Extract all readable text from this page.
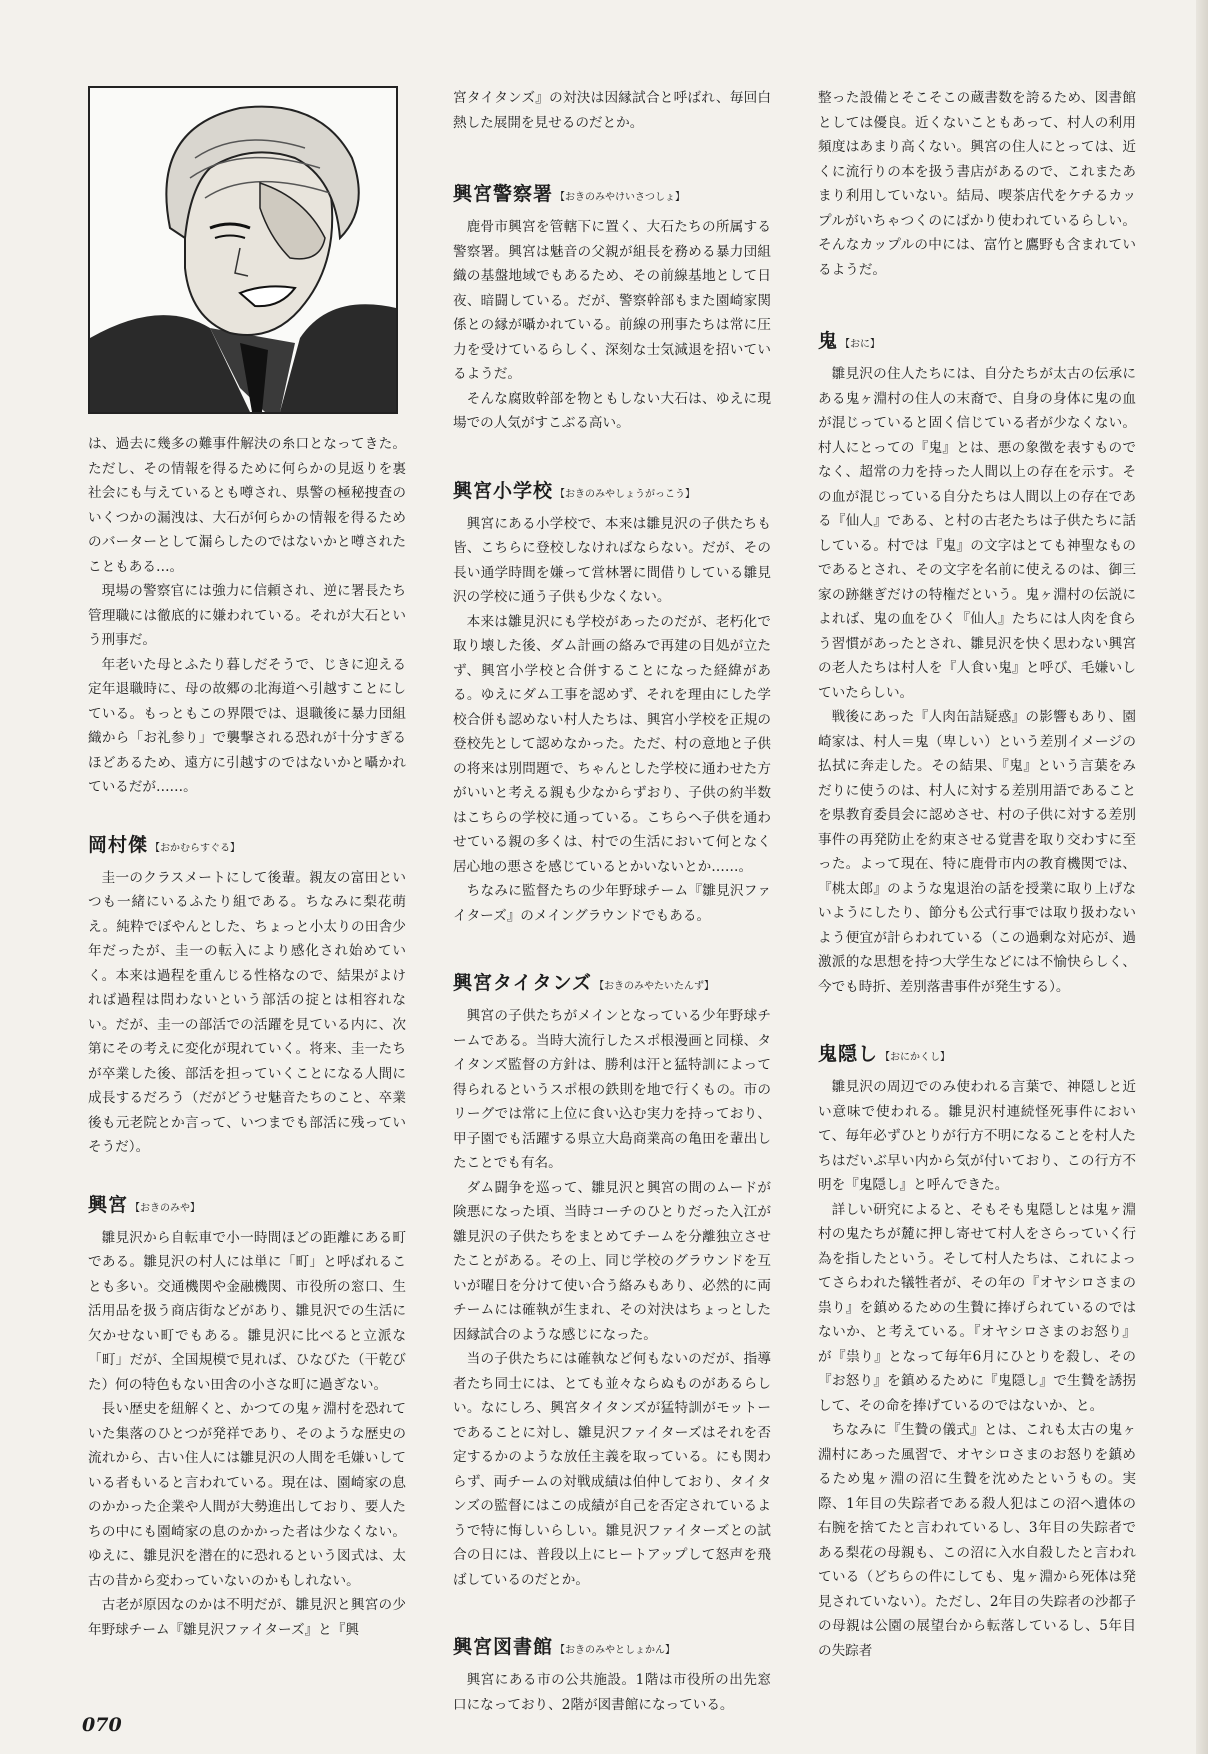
は、過去に幾多の難事件解決の糸口となってきた。ただし、その情報を得るために何らかの見返りを裏社会にも与えているとも噂され、県警の極秘捜査のいくつかの漏洩は、大石が何らかの情報を得るためのバーターとして漏らしたのではないかと噂されたこともある…。

現場の警察官には強力に信頼され、逆に署長たち管理職には徹底的に嫌われている。それが大石という刑事だ。

年老いた母とふたり暮しだそうで、じきに迎える定年退職時に、母の故郷の北海道へ引越すことにしている。もっともこの界隈では、退職後に暴力団組織から「お礼参り」で襲撃される恐れが十分すぎるほどあるため、遠方に引越すのではないかと囁かれているだが……。

岡村傑 【おかむらすぐる】

圭一のクラスメートにして後輩。親友の富田といつも一緒にいるふたり組である。ちなみに梨花萌え。純粋でぼやんとした、ちょっと小太りの田舎少年だったが、圭一の転入により感化され始めていく。本来は過程を重んじる性格なので、結果がよければ過程は問わないという部活の掟とは相容れない。だが、圭一の部活での活躍を見ている内に、次第にその考えに変化が現れていく。将来、圭一たちが卒業した後、部活を担っていくことになる人間に成長するだろう（だがどうせ魅音たちのこと、卒業後も元老院とか言って、いつまでも部活に残っていそうだ）。

興宮 【おきのみや】

雛見沢から自転車で小一時間ほどの距離にある町である。雛見沢の村人には単に「町」と呼ばれることも多い。交通機関や金融機関、市役所の窓口、生活用品を扱う商店街などがあり、雛見沢での生活に欠かせない町でもある。雛見沢に比べると立派な「町」だが、全国規模で見れば、ひなびた（干乾びた）何の特色もない田舎の小さな町に過ぎない。

長い歴史を紐解くと、かつての鬼ヶ淵村を恐れていた集落のひとつが発祥であり、そのような歴史の流れから、古い住人には雛見沢の人間を毛嫌いしている者もいると言われている。現在は、園崎家の息のかかった企業や人間が大勢進出しており、要人たちの中にも園崎家の息のかかった者は少なくない。ゆえに、雛見沢を潜在的に恐れるという図式は、太古の昔から変わっていないのかもしれない。

古老が原因なのかは不明だが、雛見沢と興宮の少年野球チーム『雛見沢ファイターズ』と『興

宮タイタンズ』の対決は因縁試合と呼ばれ、毎回白熱した展開を見せるのだとか。

興宮警察署 【おきのみやけいさつしょ】

鹿骨市興宮を管轄下に置く、大石たちの所属する警察署。興宮は魅音の父親が組長を務める暴力団組織の基盤地域でもあるため、その前線基地として日夜、暗闘している。だが、警察幹部もまた園崎家関係との縁が囁かれている。前線の刑事たちは常に圧力を受けているらしく、深刻な士気減退を招いているようだ。

そんな腐敗幹部を物ともしない大石は、ゆえに現場での人気がすこぶる高い。

興宮小学校 【おきのみやしょうがっこう】

興宮にある小学校で、本来は雛見沢の子供たちも皆、こちらに登校しなければならない。だが、その長い通学時間を嫌って営林署に間借りしている雛見沢の学校に通う子供も少なくない。

本来は雛見沢にも学校があったのだが、老朽化で取り壊した後、ダム計画の絡みで再建の目処が立たず、興宮小学校と合併することになった経緯がある。ゆえにダム工事を認めず、それを理由にした学校合併も認めない村人たちは、興宮小学校を正規の登校先として認めなかった。ただ、村の意地と子供の将来は別問題で、ちゃんとした学校に通わせた方がいいと考える親も少なからずおり、子供の約半数はこちらの学校に通っている。こちらへ子供を通わせている親の多くは、村での生活において何となく居心地の悪さを感じているとかいないとか……。

ちなみに監督たちの少年野球チーム『雛見沢ファイターズ』のメイングラウンドでもある。

興宮タイタンズ 【おきのみやたいたんず】

興宮の子供たちがメインとなっている少年野球チームである。当時大流行したスポ根漫画と同様、タイタンズ監督の方針は、勝利は汗と猛特訓によって得られるというスポ根の鉄則を地で行くもの。市のリーグでは常に上位に食い込む実力を持っており、甲子園でも活躍する県立大島商業高の亀田を輩出したことでも有名。

ダム闘争を巡って、雛見沢と興宮の間のムードが険悪になった頃、当時コーチのひとりだった入江が雛見沢の子供たちをまとめてチームを分離独立させたことがある。その上、同じ学校のグラウンドを互いが曜日を分けて使い合う絡みもあり、必然的に両チームには確執が生まれ、その対決はちょっとした因縁試合のような感じになった。

当の子供たちには確執など何もないのだが、指導者たち同士には、とても並々ならぬものがあるらしい。なにしろ、興宮タイタンズが猛特訓がモットーであることに対し、雛見沢ファイターズはそれを否定するかのような放任主義を取っている。にも関わらず、両チームの対戦成績は伯仲しており、タイタンズの監督にはこの成績が自己を否定されているようで特に悔しいらしい。雛見沢ファイターズとの試合の日には、普段以上にヒートアップして怒声を飛ばしているのだとか。

興宮図書館 【おきのみやとしょかん】

興宮にある市の公共施設。1階は市役所の出先窓口になっており、2階が図書館になっている。

整った設備とそこそこの蔵書数を誇るため、図書館としては優良。近くないこともあって、村人の利用頻度はあまり高くない。興宮の住人にとっては、近くに流行りの本を扱う書店があるので、これまたあまり利用していない。結局、喫茶店代をケチるカップルがいちゃつくのにばかり使われているらしい。そんなカップルの中には、富竹と鷹野も含まれているようだ。

鬼 【おに】

雛見沢の住人たちには、自分たちが太古の伝承にある鬼ヶ淵村の住人の末裔で、自身の身体に鬼の血が混じっていると固く信じている者が少なくない。村人にとっての『鬼』とは、悪の象徴を表すものでなく、超常の力を持った人間以上の存在を示す。その血が混じっている自分たちは人間以上の存在である『仙人』である、と村の古老たちは子供たちに話している。村では『鬼』の文字はとても神聖なものであるとされ、その文字を名前に使えるのは、御三家の跡継ぎだけの特権だという。鬼ヶ淵村の伝説によれば、鬼の血をひく『仙人』たちには人肉を食らう習慣があったとされ、雛見沢を快く思わない興宮の老人たちは村人を『人食い鬼』と呼び、毛嫌いしていたらしい。

戦後にあった『人肉缶詰疑惑』の影響もあり、園崎家は、村人＝鬼（卑しい）という差別イメージの払拭に奔走した。その結果、『鬼』という言葉をみだりに使うのは、村人に対する差別用語であることを県教育委員会に認めさせ、村の子供に対する差別事件の再発防止を約束させる覚書を取り交わすに至った。よって現在、特に鹿骨市内の教育機関では、『桃太郎』のような鬼退治の話を授業に取り上げないようにしたり、節分も公式行事では取り扱わないよう便宜が計らわれている（この過剰な対応が、過激派的な思想を持つ大学生などには不愉快らしく、今でも時折、差別落書事件が発生する）。

鬼隠し 【おにかくし】

雛見沢の周辺でのみ使われる言葉で、神隠しと近い意味で使われる。雛見沢村連続怪死事件において、毎年必ずひとりが行方不明になることを村人たちはだいぶ早い内から気が付いており、この行方不明を『鬼隠し』と呼んできた。

詳しい研究によると、そもそも鬼隠しとは鬼ヶ淵村の鬼たちが麓に押し寄せて村人をさらっていく行為を指したという。そして村人たちは、これによってさらわれた犠牲者が、その年の『オヤシロさまの祟り』を鎮めるための生贄に捧げられているのではないか、と考えている。『オヤシロさまのお怒り』が『祟り』となって毎年6月にひとりを殺し、その『お怒り』を鎮めるために『鬼隠し』で生贄を誘拐して、その命を捧げているのではないか、と。

ちなみに『生贄の儀式』とは、これも太古の鬼ヶ淵村にあった風習で、オヤシロさまのお怒りを鎮めるため鬼ヶ淵の沼に生贄を沈めたというもの。実際、1年目の失踪者である殺人犯はこの沼へ遺体の右腕を捨てたと言われているし、3年目の失踪者である梨花の母親も、この沼に入水自殺したと言われている（どちらの件にしても、鬼ヶ淵から死体は発見されていない）。ただし、2年目の失踪者の沙都子の母親は公園の展望台から転落しているし、5年目の失踪者

070
